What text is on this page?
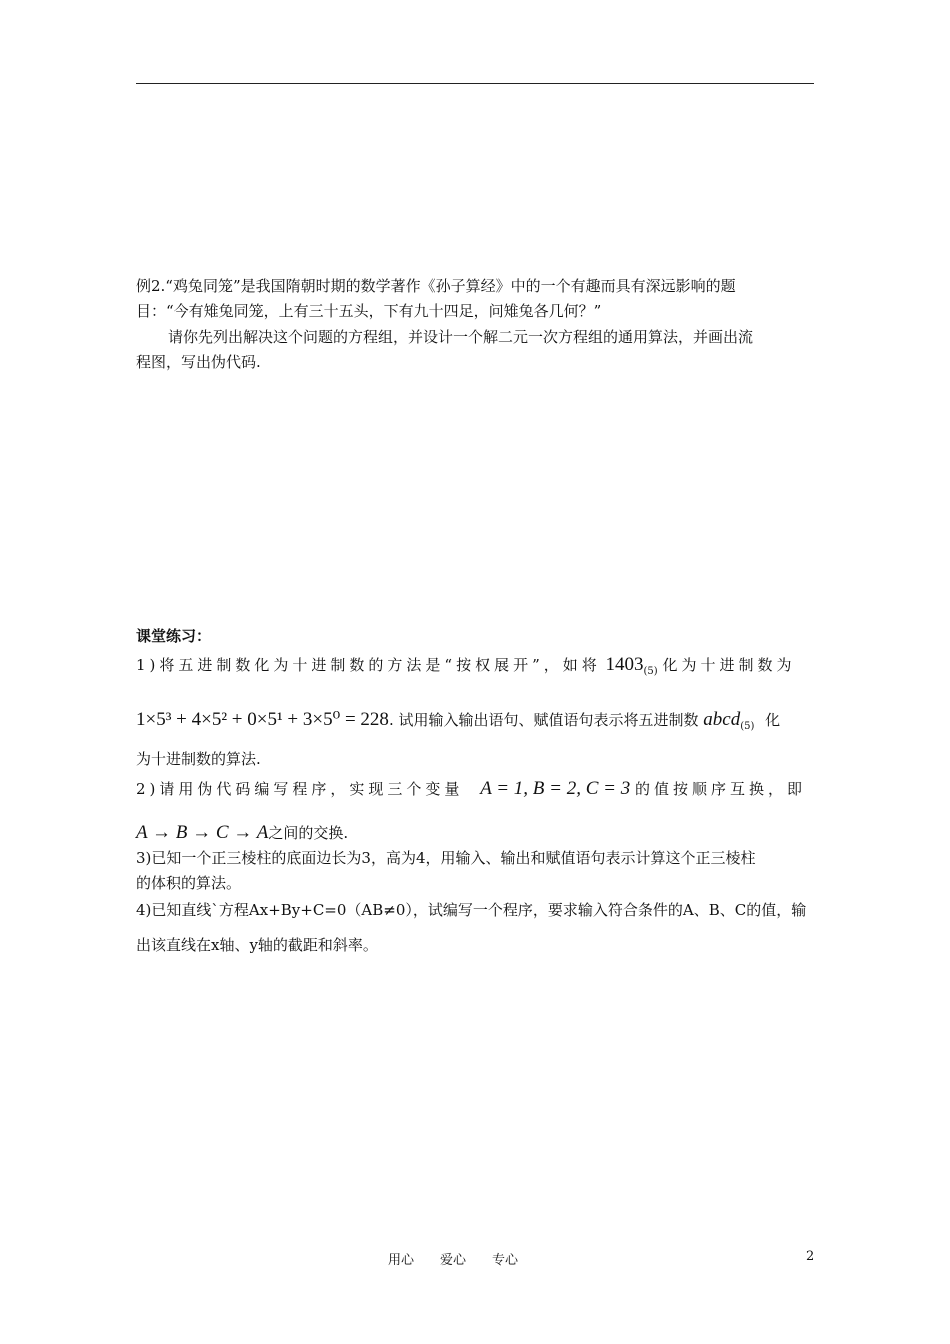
例2.“鸡兔同笼”是我国隋朝时期的数学著作《孙子算经》中的一个有趣而具有深远影响的题
目：“今有雉兔同笼，上有三十五头，下有九十四足，问雉兔各几何？”
请你先列出解决这个问题的方程组，并设计一个解二元一次方程组的通用算法，并画出流
程图，写出伪代码.
课堂练习：
1)将五进制数化为十进制数的方法是“按权展开”，如将 $1403_{(5)}$ 化为十进制数为
1×5³ + 4×5² + 0×5¹ + 3×5⁰ = 228. 试用输入输出语句、赋值语句表示将五进制数 abcd$_{(5)}$ 化
为十进制数的算法.
2)请用伪代码编写程序，实现三个变量 A = 1, B = 2, C = 3 的值按顺序互换，即
A → B → C → A之间的交换.
3)已知一个正三棱柱的底面边长为3，高为4，用输入、输出和赋值语句表示计算这个正三棱柱
的体积的算法。
4)已知直线`方程Ax+By+C=0（AB≠0），试编写一个程序，要求输入符合条件的A、B、C的值，输
出该直线在x轴、y轴的截距和斜率。
用心　　爱心　　专心	2
